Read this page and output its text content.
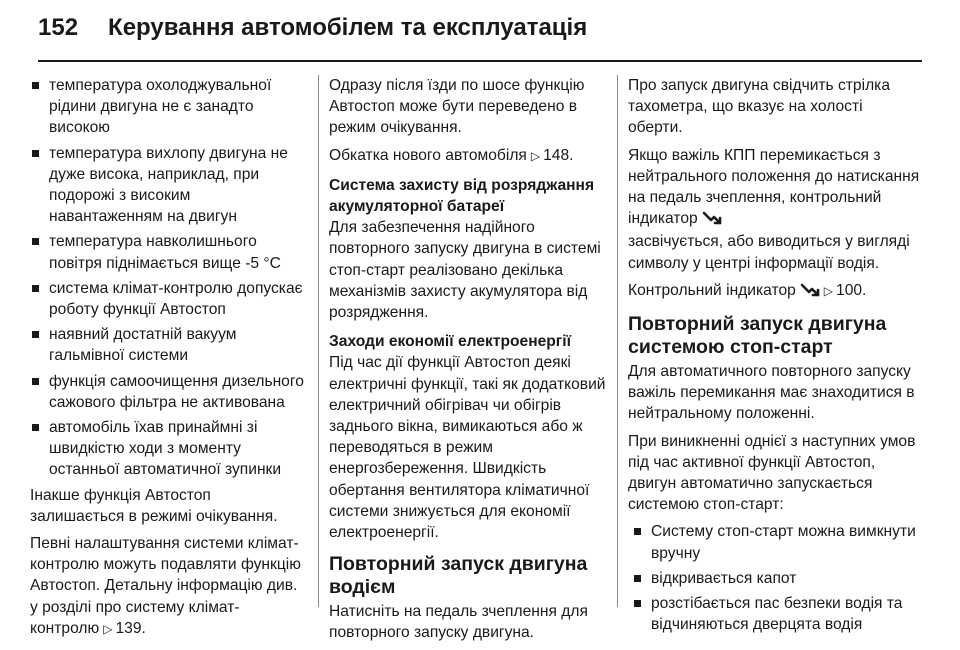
152 Керування автомобілем та експлуатація
температура охолоджувальної рідини двигуна не є занадто високою
температура вихлопу двигуна не дуже висока, наприклад, при подорожі з високим навантаженням на двигун
температура навколишнього повітря піднімається вище -5 °C
система клімат-контролю допускає роботу функції Автостоп
наявний достатній вакуум гальмівної системи
функція самоочищення дизельного сажового фільтра не активована
автомобіль їхав принаймні зі швидкістю ходи з моменту останньої автоматичної зупинки

Інакше функція Автостоп залишається в режимі очікування.

Певні налаштування системи клімат-контролю можуть подавляти функцію Автостоп. Детальну інформацію див. у розділі про систему клімат-контролю ▷ 139.

Одразу після їзди по шосе функцію Автостоп може бути переведено в режим очікування.

Обкатка нового автомобіля ▷ 148.

Система захисту від розряджання акумуляторної батареї

Для забезпечення надійного повторного запуску двигуна в системі стоп-старт реалізовано декілька механізмів захисту акумулятора від розрядження.

Заходи економії електроенергії

Під час дії функції Автостоп деякі електричні функції, такі як додатковий електричний обігрівач чи обігрів заднього вікна, вимикаються або ж переводяться в режим енергозбереження. Швидкість обертання вентилятора кліматичної системи знижується для економії електроенергії.

Повторний запуск двигуна водієм

Натисніть на педаль зчеплення для повторного запуску двигуна.

Про запуск двигуна свідчить стрілка тахометра, що вказує на холості оберти.

Якщо важіль КПП перемикається з нейтрального положення до натискання на педаль зчеплення, контрольний індикатор
засвічується, або виводиться у вигляді символу у центрі інформації водія.

Контрольний індикатор ▷ 100.

Повторний запуск двигуна системою стоп-старт

Для автоматичного повторного запуску важіль перемикання має знаходитися в нейтральному положенні.

При виникненні однієї з наступних умов під час активної функції Автостоп, двигун автоматично запускається системою стоп-старт:

Систему стоп-старт можна вимкнути вручну
відкривається капот
розстібається пас безпеки водія та відчиняються дверцята водія
